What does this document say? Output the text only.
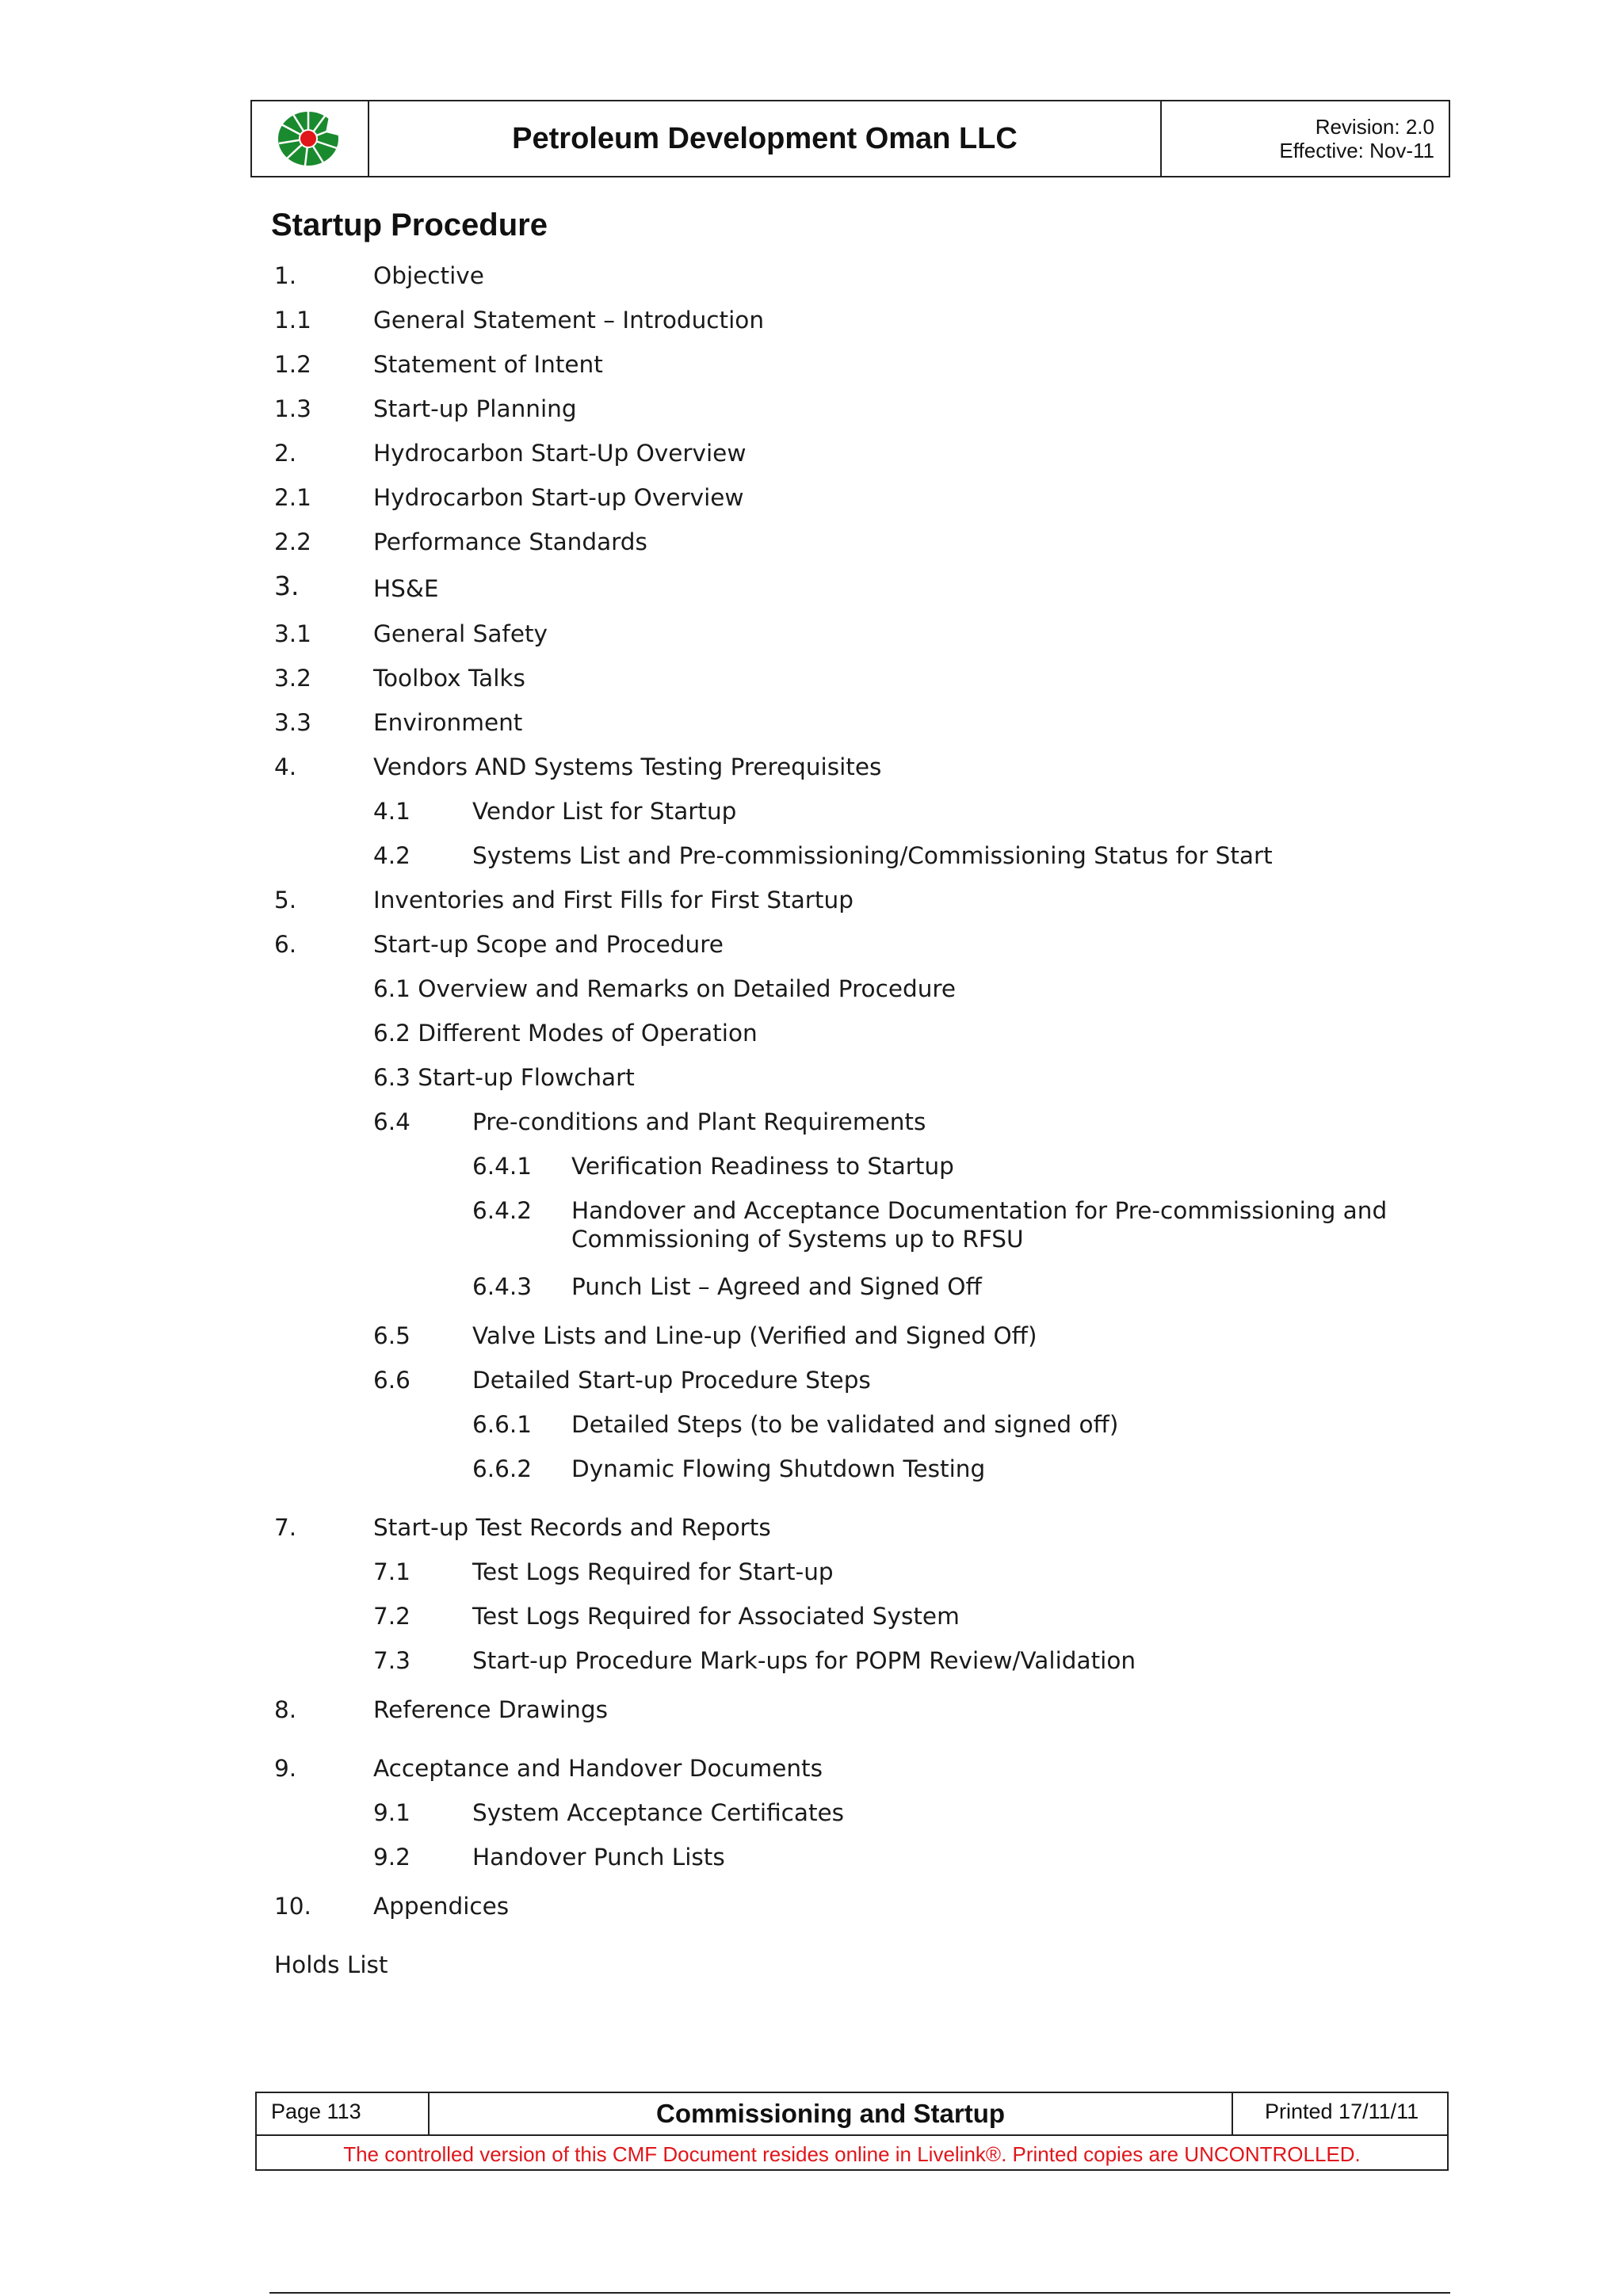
Petroleum Development Oman LLC	Revision: 2.0
Effective: Nov-11
Startup Procedure
1.	Objective
1.1	General Statement – Introduction
1.2	Statement of Intent
1.3	Start-up Planning
2.	Hydrocarbon Start-Up Overview
2.1	Hydrocarbon Start-up Overview
2.2	Performance Standards
3.	HS&E
3.1	General Safety
3.2	Toolbox Talks
3.3	Environment
4.	Vendors AND Systems Testing Prerequisites
4.1	Vendor List for Startup
4.2	Systems List and Pre-commissioning/Commissioning Status for Start
5.	Inventories and First Fills for First Startup
6.	Start-up Scope and Procedure
6.1 Overview and Remarks on Detailed Procedure
6.2 Different Modes of Operation
6.3 Start-up Flowchart
6.4	Pre-conditions and Plant Requirements
6.4.1 Verification Readiness to Startup
6.4.2 Handover and Acceptance Documentation for Pre-commissioning and
Commissioning of Systems up to RFSU
6.4.3 Punch List – Agreed and Signed Off
6.5	Valve Lists and Line-up (Verified and Signed Off)
6.6	Detailed Start-up Procedure Steps
6.6.1 Detailed Steps (to be validated and signed off)
6.6.2 Dynamic Flowing Shutdown Testing
7.	Start-up Test Records and Reports
7.1	Test Logs Required for Start-up
7.2	Test Logs Required for Associated System
7.3	Start-up Procedure Mark-ups for POPM Review/Validation
8.	Reference Drawings
9.	Acceptance and Handover Documents
9.1	System Acceptance Certificates
9.2	Handover Punch Lists
10.	Appendices
Holds List
Page 113	Commissioning and Startup	Printed 17/11/11
The controlled version of this CMF Document resides online in Livelink®. Printed copies are UNCONTROLLED.
